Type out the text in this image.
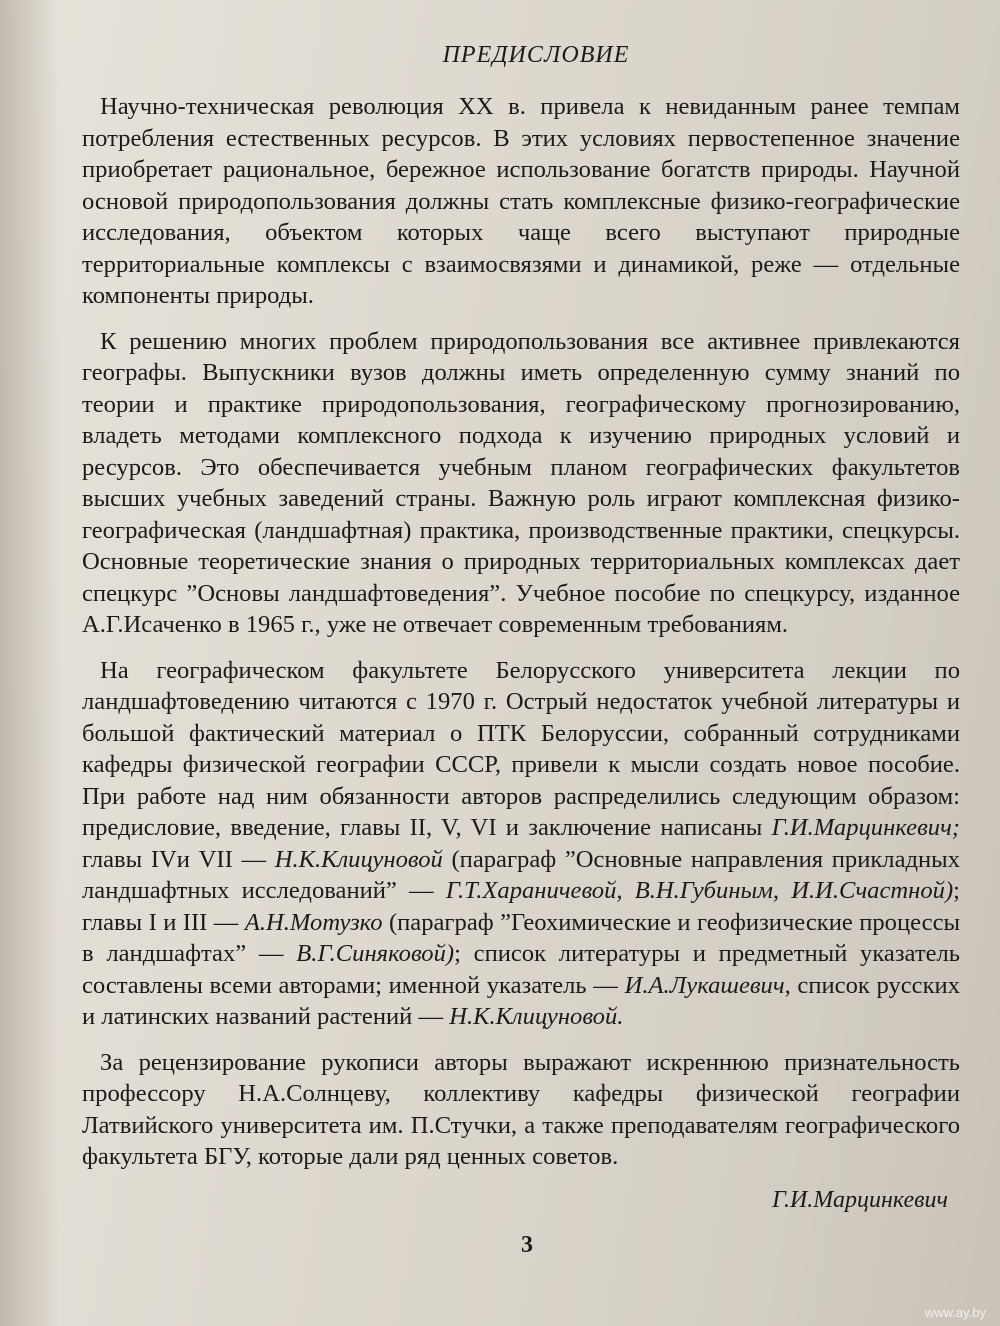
ПРЕДИСЛОВИЕ

Научно-техническая революция XX в. привела к невиданным ранее темпам потребления естественных ресурсов. В этих условиях первостепенное значение приобретает рациональное, бережное использование богатств природы. Научной основой природопользования должны стать комплексные физико-географические исследования, объектом которых чаще всего выступают природные территориальные комплексы с взаимосвязями и динамикой, реже — отдельные компоненты природы.

К решению многих проблем природопользования все активнее привлекаются географы. Выпускники вузов должны иметь определенную сумму знаний по теории и практике природопользования, географическому прогнозированию, владеть методами комплексного подхода к изучению природных условий и ресурсов. Это обеспечивается учебным планом географических факультетов высших учебных заведений страны. Важную роль играют комплексная физико-географическая (ландшафтная) практика, производственные практики, спецкурсы. Основные теоретические знания о природных территориальных комплексах дает спецкурс ”Основы ландшафтоведения”. Учебное пособие по спецкурсу, изданное А.Г.Исаченко в 1965 г., уже не отвечает современным требованиям.

На географическом факультете Белорусского университета лекции по ландшафтоведению читаются с 1970 г. Острый недостаток учебной литературы и большой фактический материал о ПТК Белоруссии, собранный сотрудниками кафедры физической географии СССР, привели к мысли создать новое пособие. При работе над ним обязанности авторов распределились следующим образом: предисловие, введение, главы II, V, VI и заключение написаны Г.И.Марцинкевич; главы IVи VII — Н.К.Клицуновой (параграф ”Основные направления прикладных ландшафтных исследований” — Г.Т.Хараничевой, В.Н.Губиным, И.И.Счастной); главы I и III — А.Н.Мотузко (параграф ”Геохимические и геофизические процессы в ландшафтах” — В.Г.Синяковой); список литературы и предметный указатель составлены всеми авторами; именной указатель — И.А.Лукашевич, список русских и латинских названий растений — Н.К.Клицуновой.

За рецензирование рукописи авторы выражают искреннюю признательность профессору Н.А.Солнцеву, коллективу кафедры физической географии Латвийского университета им. П.Стучки, а также преподавателям географического факультета БГУ, которые дали ряд ценных советов.

Г.И.Марцинкевич
3
www.ay.by
